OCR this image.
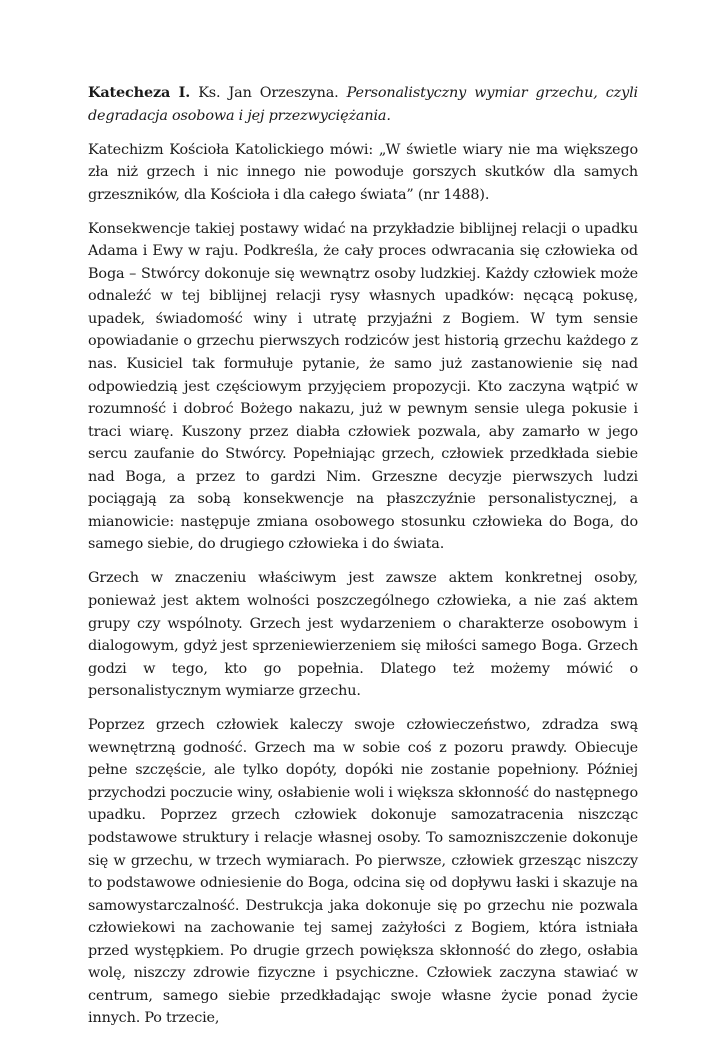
Katecheza I. Ks. Jan Orzeszyna. Personalistyczny wymiar grzechu, czyli degradacja osobowa i jej przezwyciężania.

Katechizm Kościoła Katolickiego mówi: „W świetle wiary nie ma większego zła niż grzech i nic innego nie powoduje gorszych skutków dla samych grzeszników, dla Kościoła i dla całego świata” (nr 1488).

Konsekwencje takiej postawy widać na przykładzie biblijnej relacji o upadku Adama i Ewy w raju. Podkreśla, że cały proces odwracania się człowieka od Boga – Stwórcy dokonuje się wewnątrz osoby ludzkiej. Każdy człowiek może odnaleźć w tej biblijnej relacji rysy własnych upadków: nęcącą pokusę, upadek, świadomość winy i utratę przyjaźni z Bogiem. W tym sensie opowiadanie o grzechu pierwszych rodziców jest historią grzechu każdego z nas. Kusiciel tak formułuje pytanie, że samo już zastanowienie się nad odpowiedzią jest częściowym przyjęciem propozycji. Kto zaczyna wątpić w rozumność i dobroć Bożego nakazu, już w pewnym sensie ulega pokusie i traci wiarę. Kuszony przez diabła człowiek pozwala, aby zamarło w jego sercu zaufanie do Stwórcy. Popełniając grzech, człowiek przedkłada siebie nad Boga, a przez to gardzi Nim. Grzeszne decyzje pierwszych ludzi pociągają za sobą konsekwencje na płaszczyźnie personalistycznej, a mianowicie: następuje zmiana osobowego stosunku człowieka do Boga, do samego siebie, do drugiego człowieka i do świata.

Grzech w znaczeniu właściwym jest zawsze aktem konkretnej osoby, ponieważ jest aktem wolności poszczególnego człowieka, a nie zaś aktem grupy czy wspólnoty. Grzech jest wydarzeniem o charakterze osobowym i dialogowym, gdyż jest sprzeniewierzeniem się miłości samego Boga. Grzech godzi w tego, kto go popełnia. Dlatego też możemy mówić o personalistycznym wymiarze grzechu.

Poprzez grzech człowiek kaleczy swoje człowieczeństwo, zdradza swą wewnętrzną godność. Grzech ma w sobie coś z pozoru prawdy. Obiecuje pełne szczęście, ale tylko dopóty, dopóki nie zostanie popełniony. Później przychodzi poczucie winy, osłabienie woli i większa skłonność do następnego upadku. Poprzez grzech człowiek dokonuje samozatracenia niszcząc podstawowe struktury i relacje własnej osoby. To samozniszczenie dokonuje się w grzechu, w trzech wymiarach. Po pierwsze, człowiek grzesząc niszczy to podstawowe odniesienie do Boga, odcina się od dopływu łaski i skazuje na samowystarczalność. Destrukcja jaka dokonuje się po grzechu nie pozwala człowiekowi na zachowanie tej samej zażyłości z Bogiem, która istniała przed występkiem. Po drugie grzech powiększa skłonność do złego, osłabia wolę, niszczy zdrowie fizyczne i psychiczne. Człowiek zaczyna stawiać w centrum, samego siebie przedkładając swoje własne życie ponad życie innych. Po trzecie,
